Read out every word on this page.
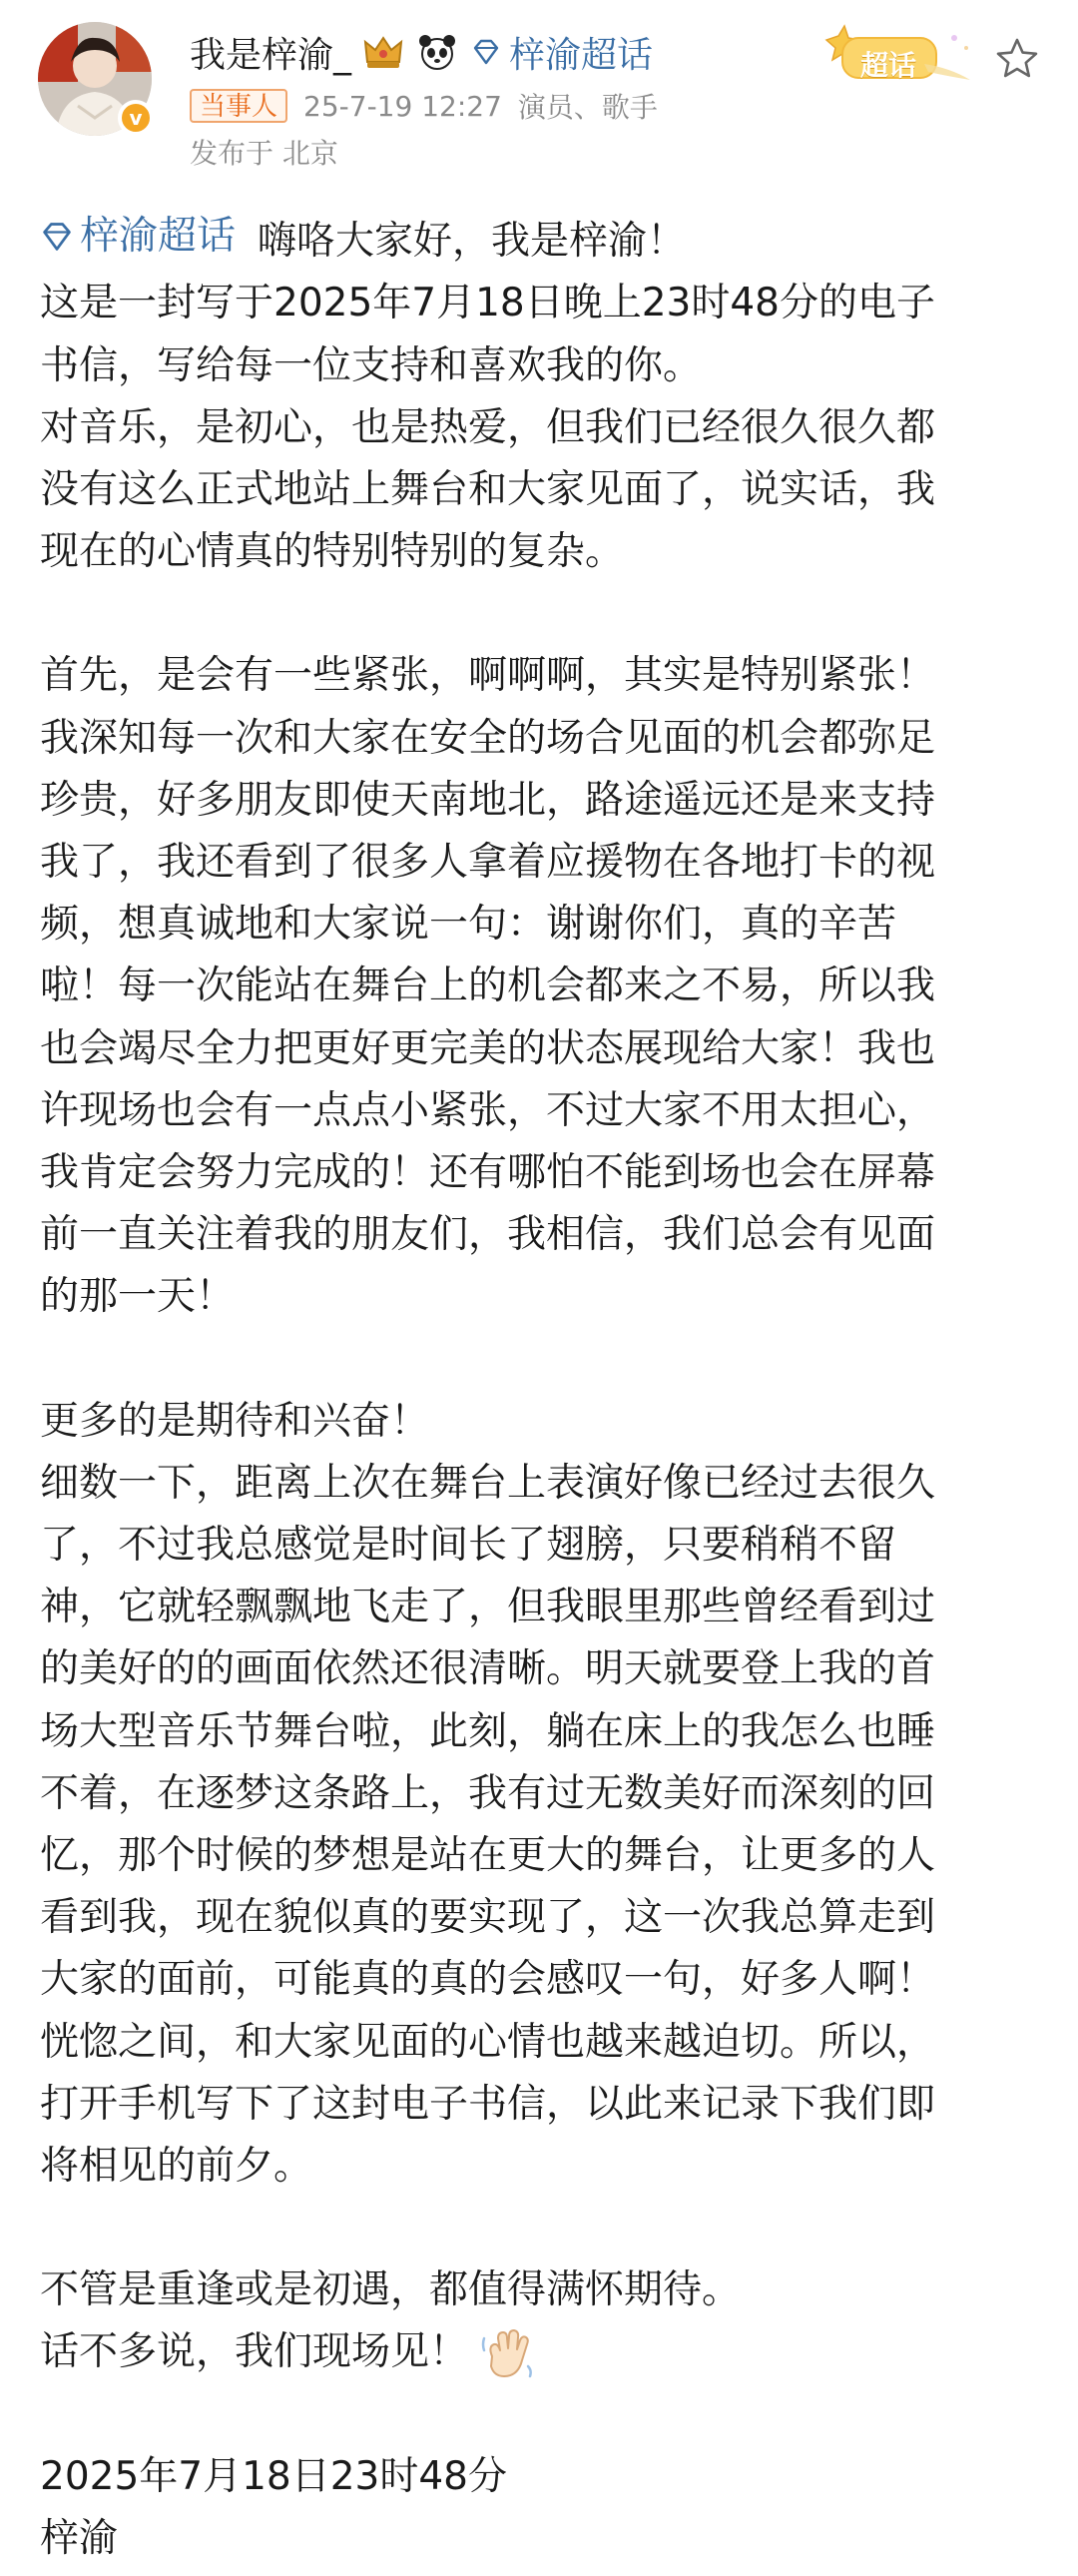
v
我是梓渝_	梓渝超话
当事人 25-7-19 12:27 演员、歌手
发布于 北京
超话

梓渝超话 嗨咯大家好，我是梓渝！

这是一封写于2025年7月18日晚上23时48分的电子

书信，写给每一位支持和喜欢我的你。

对音乐，是初心，也是热爱，但我们已经很久很久都

没有这么正式地站上舞台和大家见面了，说实话，我

现在的心情真的特别特别的复杂。

首先，是会有一些紧张，啊啊啊，其实是特别紧张！

我深知每一次和大家在安全的场合见面的机会都弥足

珍贵，好多朋友即使天南地北，路途遥远还是来支持

我了，我还看到了很多人拿着应援物在各地打卡的视

频，想真诚地和大家说一句：谢谢你们，真的辛苦

啦！每一次能站在舞台上的机会都来之不易，所以我

也会竭尽全力把更好更完美的状态展现给大家！我也

许现场也会有一点点小紧张，不过大家不用太担心，

我肯定会努力完成的！还有哪怕不能到场也会在屏幕

前一直关注着我的朋友们，我相信，我们总会有见面

的那一天！

更多的是期待和兴奋！

细数一下，距离上次在舞台上表演好像已经过去很久

了，不过我总感觉是时间长了翅膀，只要稍稍不留

神，它就轻飘飘地飞走了，但我眼里那些曾经看到过

的美好的的画面依然还很清晰。明天就要登上我的首

场大型音乐节舞台啦，此刻，躺在床上的我怎么也睡

不着，在逐梦这条路上，我有过无数美好而深刻的回

忆，那个时候的梦想是站在更大的舞台，让更多的人

看到我，现在貌似真的要实现了，这一次我总算走到

大家的面前，可能真的真的会感叹一句，好多人啊！

恍惚之间，和大家见面的心情也越来越迫切。所以，

打开手机写下了这封电子书信，以此来记录下我们即

将相见的前夕。

不管是重逢或是初遇，都值得满怀期待。

话不多说，我们现场见！

2025年7月18日23时48分

梓渝
